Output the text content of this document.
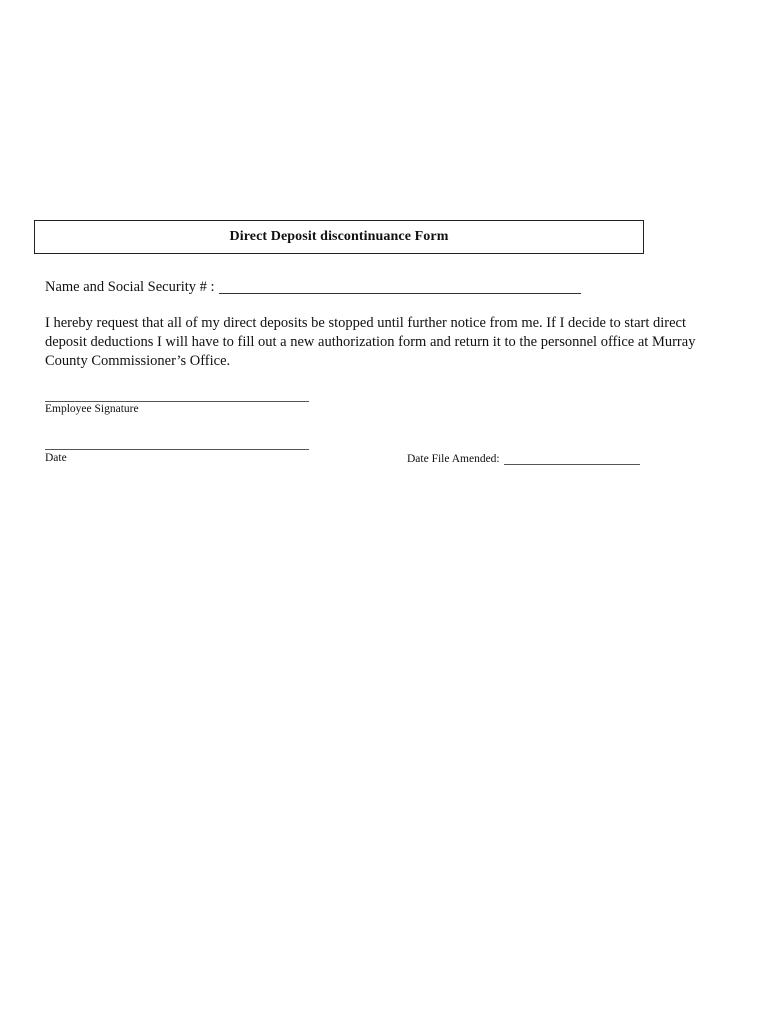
Direct Deposit discontinuance Form
Name and Social Security # :
I hereby request that all of my direct deposits be stopped until further notice from me. If I decide to start direct
deposit deductions I will have to fill out a new authorization form and return it to the personnel office at Murray
County Commissioner’s Office.
Employee Signature
Date	Date File Amended:
